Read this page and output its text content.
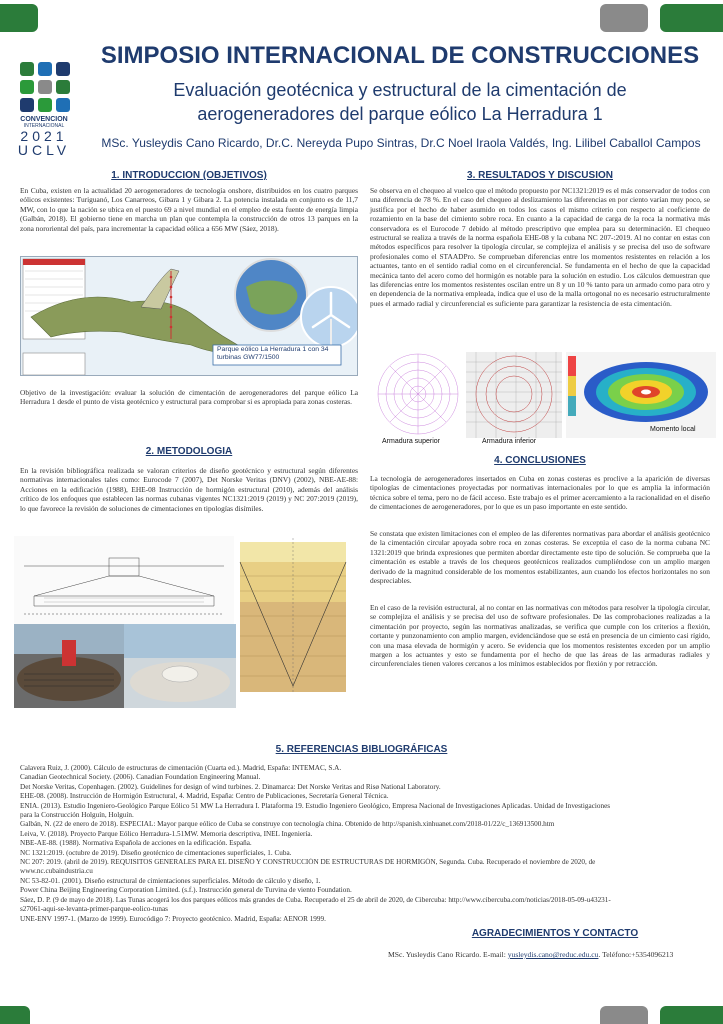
CONVENCION
INTERNACIONAL
2021
UCLV
SIMPOSIO INTERNACIONAL DE CONSTRUCCIONES
Evaluación geotécnica y estructural de la cimentación de
aerogeneradores del parque eólico La Herradura 1
MSc. Yusleydis Cano Ricardo, Dr.C. Nereyda Pupo Sintras, Dr.C Noel Iraola Valdés, Ing. Lilibel Caballol Campos
1. INTRODUCCION (OBJETIVOS)
En Cuba, existen en la actualidad 20 aerogeneradores de tecnología onshore, distribuidos en los cuatro parques eólicos existentes: Turiguanó, Los Canarreos, Gibara 1 y Gibara 2. La potencia instalada en conjunto es de 11,7 MW, con lo que la nación se ubica en el puesto 69 a nivel mundial en el empleo de esta fuente de energía limpia (Galbán, 2018). El gobierno tiene en marcha un plan que contempla la construcción de otros 13 parques en la zona nororiental del país, para incrementar la capacidad eólica a 656 MW (Sáez, 2018).
Parque eólico La Herradura 1 con 34 turbinas GW77/1500
Objetivo de la investigación: evaluar la solución de cimentación de aerogeneradores del parque eólico La Herradura 1 desde el punto de vista geotécnico y estructural para comprobar si es apropiada para zonas costeras.
2. METODOLOGIA
En la revisión bibliográfica realizada se valoran criterios de diseño geotécnico y estructural según diferentes normativas internacionales tales como: Eurocode 7 (2007), Det Norske Veritas (DNV) (2002), NBE-AE-88: Acciones en la edificación (1988), EHE-08 Instrucción de hormigón estructural (2010), además del análisis crítico de los enfoques que establecen las normas cubanas vigentes NC1321:2019 (2019) y NC 207:2019 (2019), lo que favorece la revisión de soluciones de cimentaciones en tipologías disímiles.
3. RESULTADOS Y DISCUSION
Se observa en el chequeo al vuelco que el método propuesto por NC1321:2019 es el más conservador de todos con una diferencia de 78 %. En el caso del chequeo al deslizamiento las diferencias en por ciento varían muy poco, se justifica por el hecho de haber asumido en todos los casos el mismo criterio con respecto al coeficiente de rozamiento en la base del cimiento sobre roca. En cuanto a la capacidad de carga de la roca la normativa más conservadora es el Eurocode 7 debido al método prescriptivo que emplea para su determinación. El chequeo estructural se realiza a través de la norma española EHE-08 y la cubana NC 207-:2019. Al no contar en estas con métodos específicos para resolver la tipología circular, se complejiza el análisis y se precisa del uso de software profesionales como el STAADPro. Se comprueban diferencias entre los momentos resistentes en relación a los actuantes, tanto en el sentido radial como en el circunferencial. Se fundamenta en el hecho de que la capacidad mecánica tanto del acero como del hormigón es notable para la solución en estudio. Los cálculos demuestran que las diferencias entre los momentos resistentes oscilan entre un 8 y un 10 % tanto para un armado como para otro y en dependencia de la normativa empleada, indica que el uso de la malla ortogonal no es necesario estructuralmente pues el armado radial y circunferencial es suficiente para garantizar la resistencia de esta cimentación.
Armadura superior	Armadura inferior
Momento local
4. CONCLUSIONES
La tecnología de aerogeneradores insertados en Cuba en zonas costeras es proclive a la aparición de diversas tipologías de cimentaciones proyectadas por normativas internacionales por lo que es amplia la información técnica sobre el tema, pero no de fácil acceso. Este trabajo es el primer acercamiento a la racionalidad en el diseño de cimentaciones de aerogeneradores, por lo que es un paso importante en este sentido.
Se constata que existen limitaciones con el empleo de las diferentes normativas para abordar el análisis geotécnico de la cimentación circular apoyada sobre roca en zonas costeras. Se exceptúa el caso de la norma cubana NC 1321:2019 que brinda expresiones que permiten abordar directamente este tipo de solución. Se comprueba que la cimentación es estable a través de los chequeos geotécnicos realizados cumpliéndose con un amplio margen derivado de la magnitud considerable de los momentos estabilizantes, aun cuando los efectos horizontales no son despreciables.
En el caso de la revisión estructural, al no contar en las normativas con métodos para resolver la tipología circular, se complejiza el análisis y se precisa del uso de software profesionales. De las comprobaciones realizadas a la cimentación por proyecto, según las normativas analizadas, se verifica que cumple con los criterios a flexión, cortante y punzonamiento con amplio margen, evidenciándose que se está en presencia de un cimiento casi rígido, con una masa elevada de hormigón y acero. Se evidencia que los momentos resistentes exceden por un amplio margen a los actuantes y esto se fundamenta por el hecho de que las áreas de las armaduras radiales y circunferenciales tienen valores cercanos a los mínimos establecidos por flexión y por retracción.
5. REFERENCIAS BIBLIOGRÁFICAS
Calavera Ruiz, J. (2000). Cálculo de estructuras de cimentación (Cuarta ed.). Madrid, España: INTEMAC, S.A.
Canadian Geotechnical Society. (2006). Canadian Foundation Engineering Manual.
Det Norske Veritas, Copenhagen. (2002). Guidelines for design of wind turbines. 2. Dinamarca: Det Norske Veritas and Risø National Laboratory.
EHE-08. (2008). Instrucción de Hormigón Estructural, 4. Madrid, España: Centro de Publicaciones, Secretaría General Técnica.
ENIA. (2013). Estudio Ingeniero-Geológico Parque Eólico 51 MW La Herradura I. Plataforma 19. Estudio Ingeniero Geológico, Empresa Nacional de Investigaciones Aplicadas. Unidad de Investigaciones
para la Construcción Holguín, Holguín.
Galbán, N. (22 de enero de 2018). ESPECIAL: Mayor parque eólico de Cuba se construye con tecnología china. Obtenido de http://spanish.xinhuanet.com/2018-01/22/c_136913500.htm
Leiva, V. (2018). Proyecto Parque Eólico Herradura-1.51MW. Memoria descriptiva, INEL Ingeniería.
NBE-AE-88. (1988). Normativa Española de acciones en la edificación. España.
NC 1321:2019. (octubre de 2019). Diseño geotécnico de cimentaciones superficiales, 1. Cuba.
NC 207: 2019. (abril de 2019). REQUISITOS GENERALES PARA EL DISEÑO Y CONSTRUCCIÓN DE ESTRUCTURAS DE HORMIGÓN, Segunda. Cuba. Recuperado el noviembre de 2020, de
www.nc.cubaindustria.cu
NC 53-82-01. (2001). Diseño estructural de cimientaciones superficiales. Método de cálculo y diseño, 1.
Power China Beijing Engineering Corporation Limited. (s.f.). Instrucción general de Turvina de viento Foundation.
Sáez, D. P. (9 de mayo de 2018). Las Tunas acogerá los dos parques eólicos más grandes de Cuba. Recuperado el 25 de abril de 2020, de Cibercuba: http://www.cibercuba.com/noticias/2018-05-09-u43231-
s27061-aqui-se-levanta-primer-parque-eolico-tunas
UNE-ENV 1997-1. (Marzo de 1999). Eurocódigo 7: Proyecto geotécnico. Madrid, España: AENOR 1999.
AGRADECIMIENTOS Y CONTACTO
MSc. Yusleydis Cano Ricardo. E-mail: yusleydis.cano@reduc.edu.cu. Teléfono:+5354096213
